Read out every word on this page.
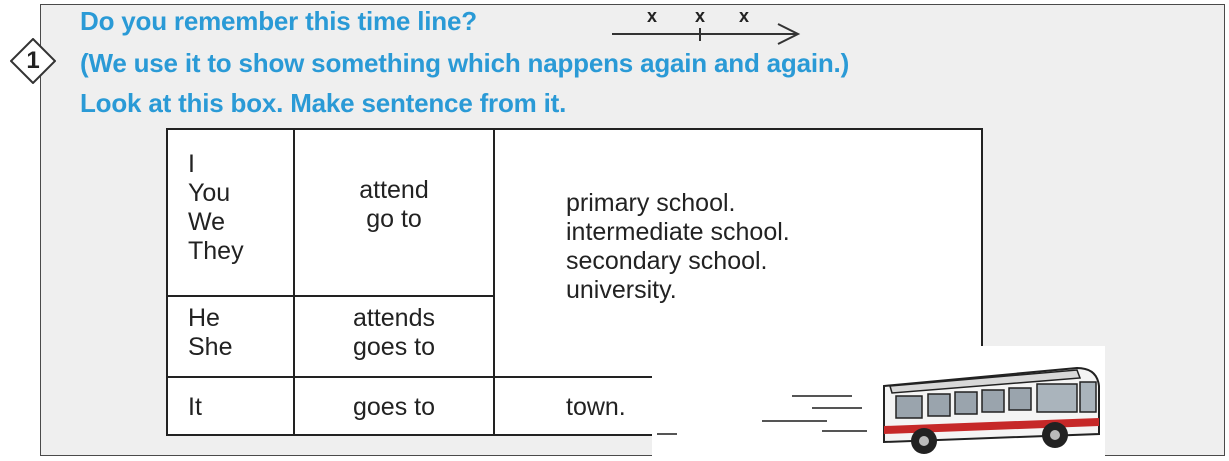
1
Do you remember this time line?
(We use it to show something which nappens again and again.)
Look at this box. Make sentence from it.
x x x
I
You
We
They
attend
go to
He
She
attends
goes to
primary school.
intermediate school.
secondary school.
university.
It	goes to	town.
